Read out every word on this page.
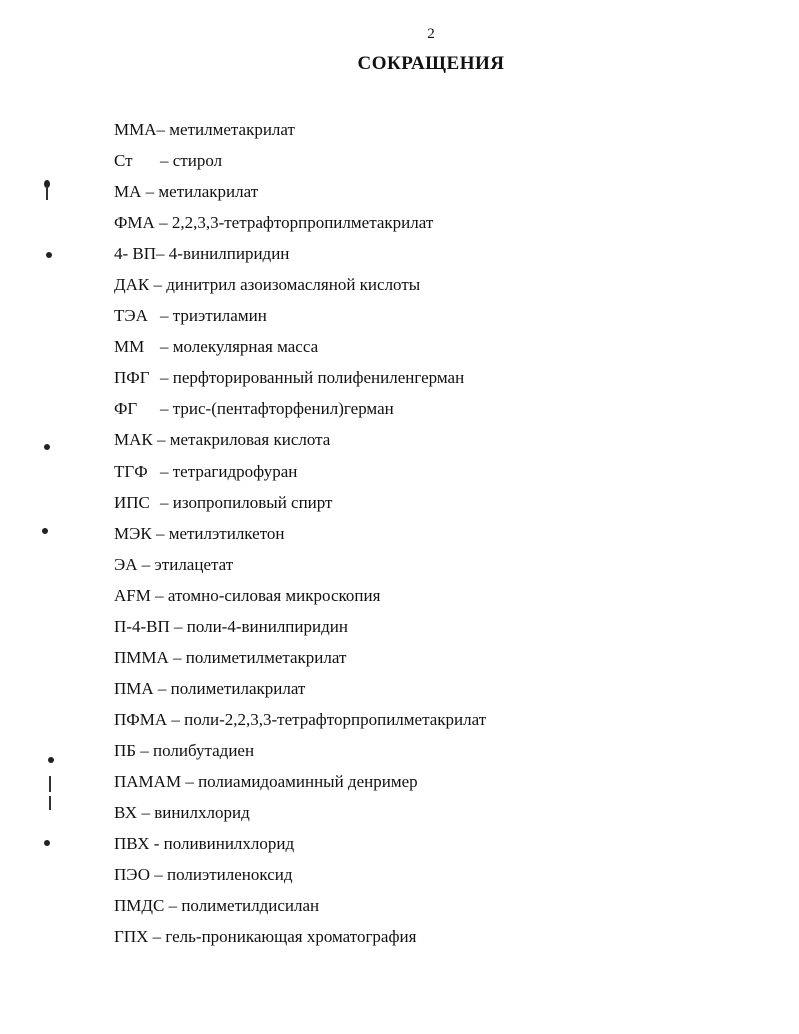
2
СОКРАЩЕНИЯ
ММА– метилметакрилат
Ст – стирол
МА – метилакрилат
ФМА – 2,2,3,3-тетрафторпропилметакрилат
4- ВП– 4-винилпиридин
ДАК – динитрил азоизомасляной кислоты
ТЭА – триэтиламин
ММ – молекулярная масса
ПФГ – перфторированный полифениленгерман
ФГ – трис-(пентафторфенил)герман
МАК – метакриловая кислота
ТГФ – тетрагидрофуран
ИПС – изопропиловый спирт
МЭК – метилэтилкетон
ЭА – этилацетат
AFM – атомно-силовая микроскопия
П-4-ВП – поли-4-винилпиридин
ПММА – полиметилметакрилат
ПМА – полиметилакрилат
ПФМА – поли-2,2,3,3-тетрафторпропилметакрилат
ПБ – полибутадиен
ПАМАМ – полиамидоаминный денример
ВХ – винилхлорид
ПВХ - поливинилхлорид
ПЭО – полиэтиленоксид
ПМДС – полиметилдисилан
ГПХ – гель-проникающая хроматография
